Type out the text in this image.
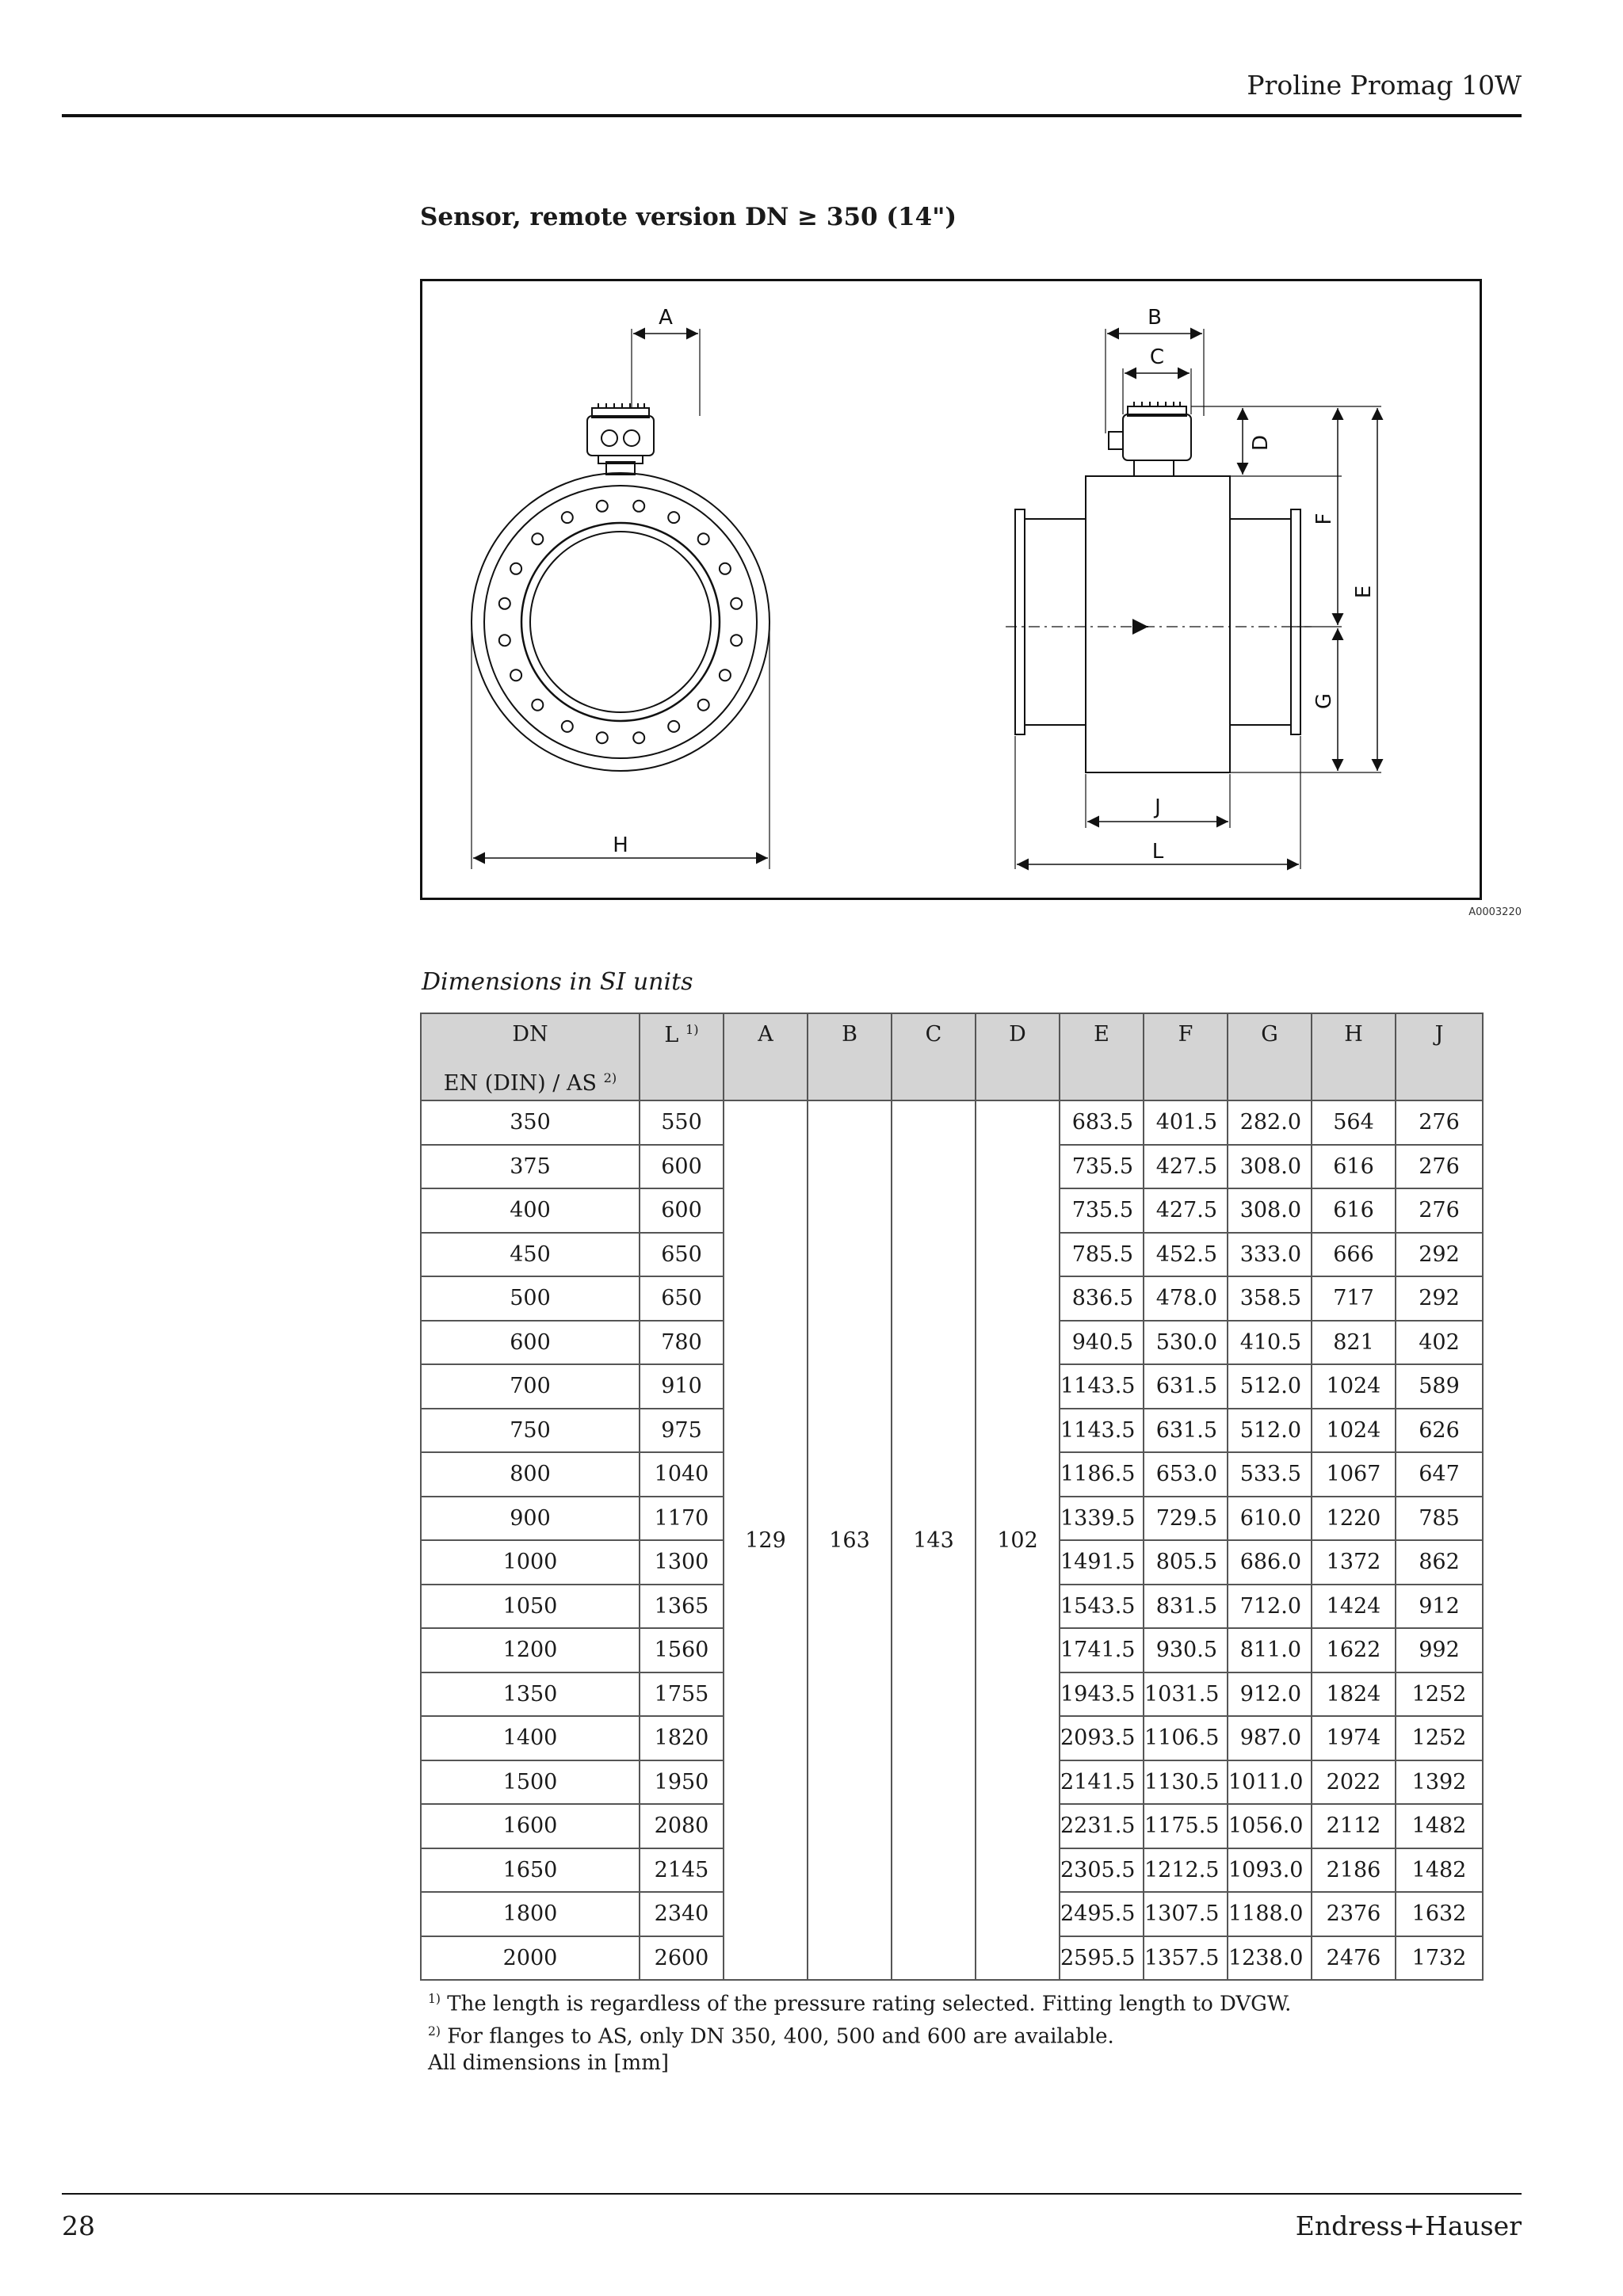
Proline Promag 10W
Sensor, remote version DN ≥ 350 (14")
A
H
B
C
J
L
D
F
E
G
A0003220
Dimensions in SI units
DN
EN (DIN) / AS $^{2)}$	L $^{1)}$	A	B	C	D	E	F	G	H	J
350	550	129	163	143	102	683.5	401.5	282.0	564	276
375	600					735.5	427.5	308.0	616	276
400	600					735.5	427.5	308.0	616	276
450	650					785.5	452.5	333.0	666	292
500	650					836.5	478.0	358.5	717	292
600	780					940.5	530.0	410.5	821	402
700	910					1143.5	631.5	512.0	1024	589
750	975					1143.5	631.5	512.0	1024	626
800	1040					1186.5	653.0	533.5	1067	647
900	1170					1339.5	729.5	610.0	1220	785
1000	1300					1491.5	805.5	686.0	1372	862
1050	1365					1543.5	831.5	712.0	1424	912
1200	1560					1741.5	930.5	811.0	1622	992
1350	1755					1943.5	1031.5	912.0	1824	1252
1400	1820					2093.5	1106.5	987.0	1974	1252
1500	1950					2141.5	1130.5	1011.0	2022	1392
1600	2080					2231.5	1175.5	1056.0	2112	1482
1650	2145					2305.5	1212.5	1093.0	2186	1482
1800	2340					2495.5	1307.5	1188.0	2376	1632
2000	2600					2595.5	1357.5	1238.0	2476	1732
$^{1)}$ The length is regardless of the pressure rating selected. Fitting length to DVGW.
$^{2)}$ For flanges to AS, only DN 350, 400, 500 and 600 are available.
All dimensions in [mm]
28	Endress+Hauser
